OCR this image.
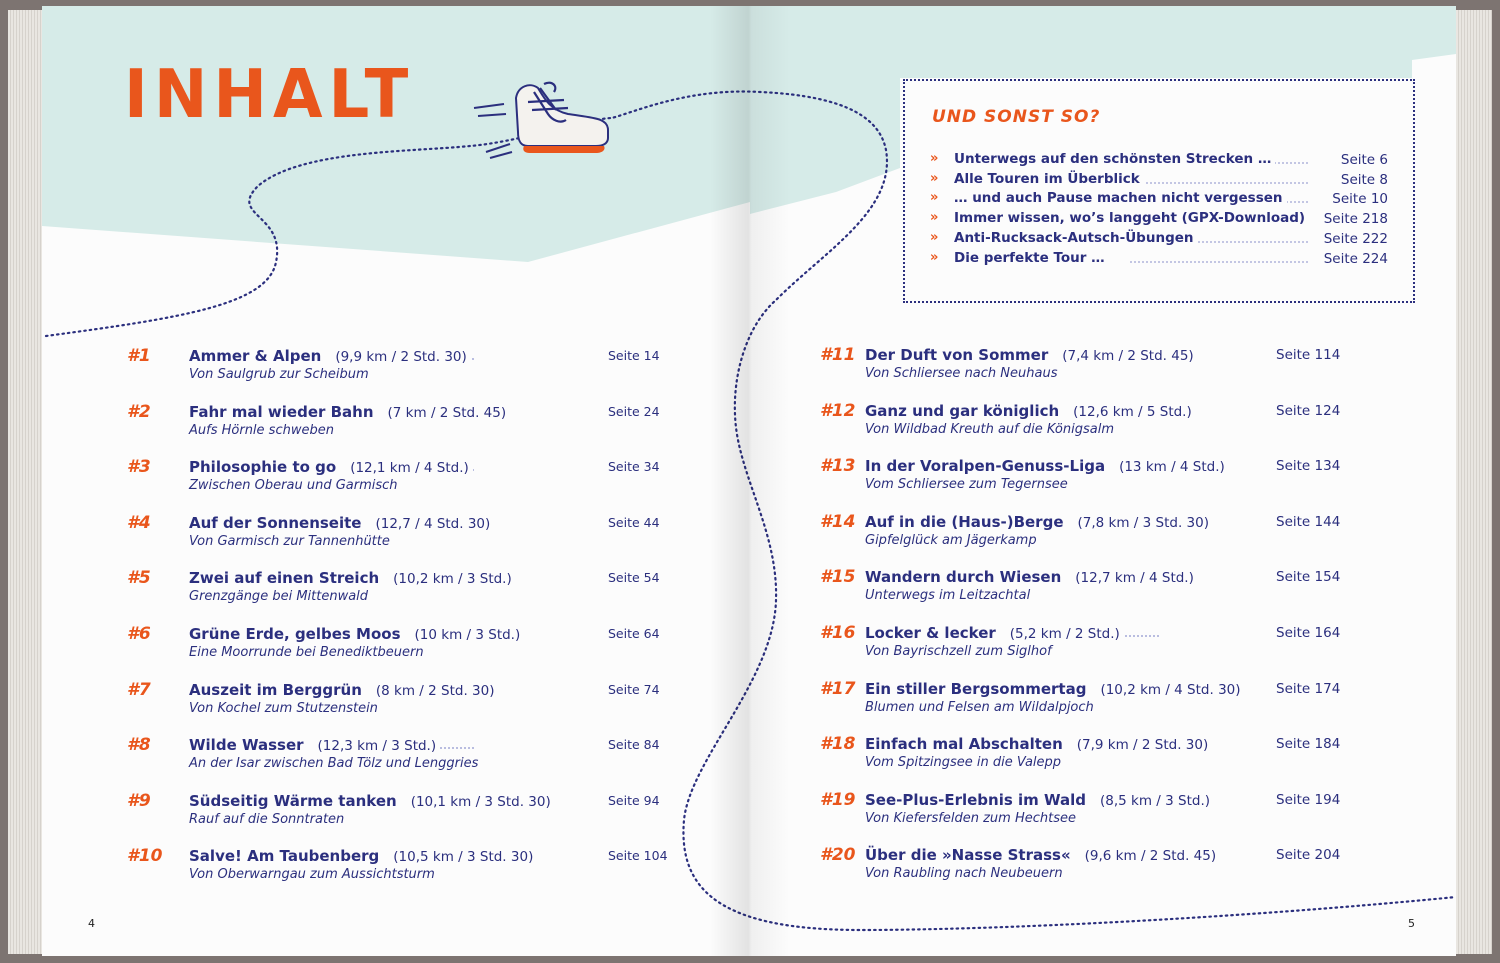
INHALT	UND SONST SO?
» Unterwegs auf den schönsten Strecken …	Seite 6
» Alle Touren im Überblick	Seite 8
» … und auch Pause machen nicht vergessen	Seite 10
» Immer wissen, wo’s langgeht (GPX-Download)	Seite 218
» Anti-Rucksack-Autsch-Übungen	Seite 222
» Die perfekte Tour …	Seite 224
#1	Ammer & Alpen (9,9 km / 2 Std. 30)	Seite 14
Von Saulgrub zur Scheibum
#2	Fahr mal wieder Bahn (7 km / 2 Std. 45)	Seite 24
Aufs Hörnle schweben
#3	Philosophie to go (12,1 km / 4 Std.)	Seite 34
Zwischen Oberau und Garmisch
#4	Auf der Sonnenseite (12,7 / 4 Std. 30)	Seite 44
Von Garmisch zur Tannenhütte
#5	Zwei auf einen Streich (10,2 km / 3 Std.)	Seite 54
Grenzgänge bei Mittenwald
#6	Grüne Erde, gelbes Moos (10 km / 3 Std.)	Seite 64
Eine Moorrunde bei Benediktbeuern
#7	Auszeit im Berggrün (8 km / 2 Std. 30)	Seite 74
Von Kochel zum Stutzenstein
#8	Wilde Wasser (12,3 km / 3 Std.)	Seite 84
An der Isar zwischen Bad Tölz und Lenggries
#9	Südseitig Wärme tanken (10,1 km / 3 Std. 30)	Seite 94
Rauf auf die Sonntraten
#10 Salve! Am Taubenberg (10,5 km / 3 Std. 30)	Seite 104
Von Oberwarngau zum Aussichtsturm
#11 Der Duft von Sommer (7,4 km / 2 Std. 45)	Seite 114
Von Schliersee nach Neuhaus
#12 Ganz und gar königlich (12,6 km / 5 Std.)	Seite 124
Von Wildbad Kreuth auf die Königsalm
#13 In der Voralpen-Genuss-Liga (13 km / 4 Std.)	Seite 134
Vom Schliersee zum Tegernsee
#14 Auf in die (Haus-)Berge (7,8 km / 3 Std. 30)	Seite 144
Gipfelglück am Jägerkamp
#15 Wandern durch Wiesen (12,7 km / 4 Std.)	Seite 154
Unterwegs im Leitzachtal
#16 Locker & lecker (5,2 km / 2 Std.)	Seite 164
Von Bayrischzell zum Siglhof
#17 Ein stiller Bergsommertag (10,2 km / 4 Std. 30)	Seite 174
Blumen und Felsen am Wildalpjoch
#18 Einfach mal Abschalten (7,9 km / 2 Std. 30)	Seite 184
Vom Spitzingsee in die Valepp
#19 See-Plus-Erlebnis im Wald (8,5 km / 3 Std.)	Seite 194
Von Kiefersfelden zum Hechtsee
#20 Über die »Nasse Strass« (9,6 km / 2 Std. 45)	Seite 204
Von Raubling nach Neubeuern
4	5
